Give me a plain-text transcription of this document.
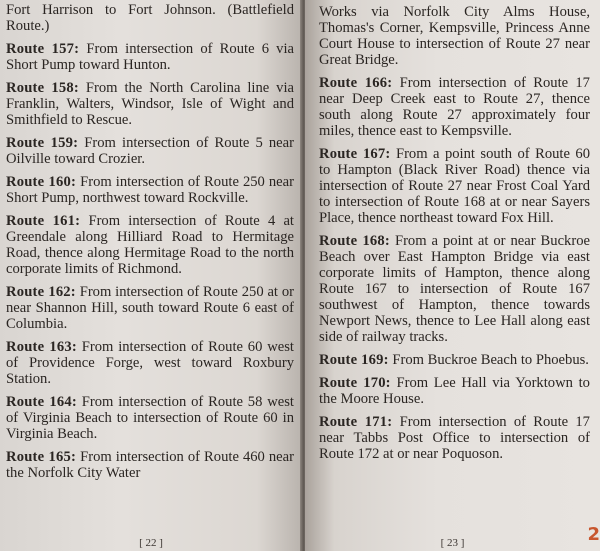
Fort Harrison to Fort Johnson. (Battlefield Route.)

Route 157: From intersection of Route 6 via Short Pump toward Hunton.

Route 158: From the North Carolina line via Franklin, Walters, Windsor, Isle of Wight and Smithfield to Rescue.

Route 159: From intersection of Route 5 near Oilville toward Crozier.

Route 160: From intersection of Route 250 near Short Pump, northwest toward Rockville.

Route 161: From intersection of Route 4 at Greendale along Hilliard Road to Hermitage Road, thence along Hermitage Road to the north corporate limits of Richmond.

Route 162: From intersection of Route 250 at or near Shannon Hill, south toward Route 6 east of Columbia.

Route 163: From intersection of Route 60 west of Providence Forge, west toward Roxbury Station.

Route 164: From intersection of Route 58 west of Virginia Beach to intersection of Route 60 in Virginia Beach.

Route 165: From intersection of Route 460 near the Norfolk City Water

[ 22 ]

Works via Norfolk City Alms House, Thomas's Corner, Kempsville, Princess Anne Court House to intersection of Route 27 near Great Bridge.

Route 166: From intersection of Route 17 near Deep Creek east to Route 27, thence south along Route 27 approximately four miles, thence east to Kempsville.

Route 167: From a point south of Route 60 to Hampton (Black River Road) thence via intersection of Route 27 near Frost Coal Yard to intersection of Route 168 at or near Sayers Place, thence northeast toward Fox Hill.

Route 168: From a point at or near Buckroe Beach over East Hampton Bridge via east corporate limits of Hampton, thence along Route 167 to intersection of Route 167 southwest of Hampton, thence towards Newport News, thence to Lee Hall along east side of railway tracks.

Route 169: From Buckroe Beach to Phoebus.

Route 170: From Lee Hall via Yorktown to the Moore House.

Route 171: From intersection of Route 17 near Tabbs Post Office to intersection of Route 172 at or near Poquoson.

[ 23 ]	2
